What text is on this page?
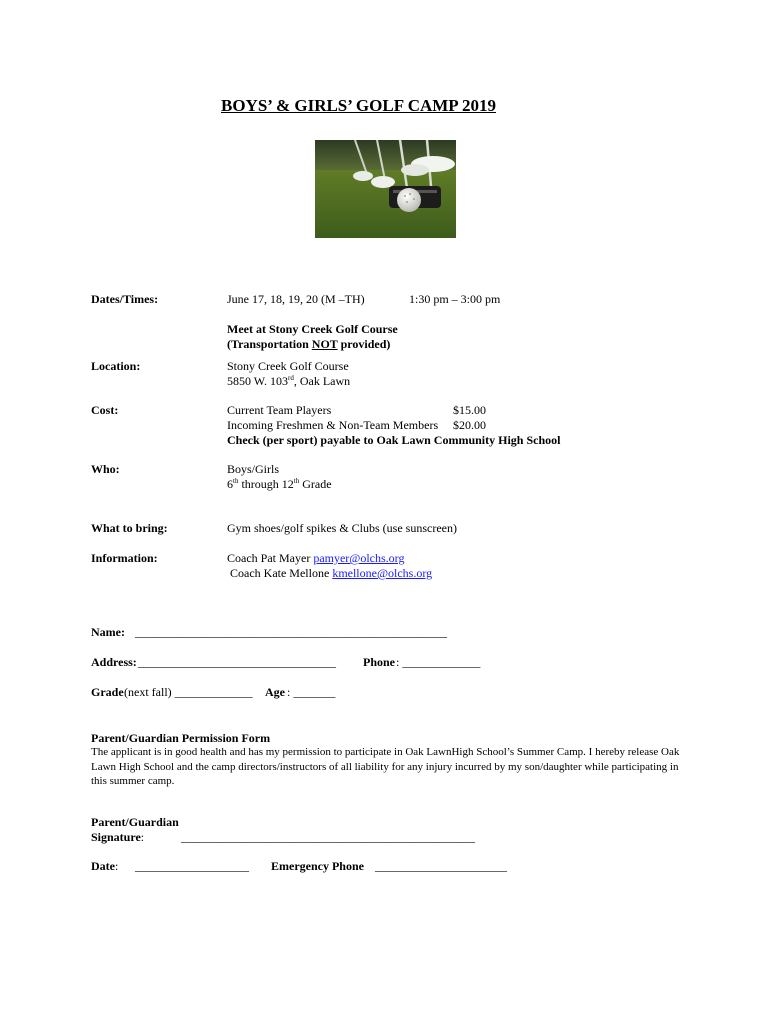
BOYS’ & GIRLS’ GOLF CAMP 2019
Dates/Times:	June 17, 18, 19, 20 (M –TH)	1:30 pm – 3:00 pm
Meet at Stony Creek Golf Course
(Transportation NOT provided)
Location:	Stony Creek Golf Course
5850 W. 103rd, Oak Lawn
Cost:	Current Team Players	$15.00
Incoming Freshmen & Non-Team Members $20.00
Check (per sport) payable to Oak Lawn Community High School
Who:	Boys/Girls
6th through 12th Grade
What to bring:	Gym shoes/golf spikes & Clubs (use sunscreen)
Information:	Coach Pat Mayer pamyer@olchs.org
Coach Kate Mellone kmellone@olchs.org
Name: ____________________________________________________
Address: _________________________________ Phone : _____________
Grade (next fall) _____________ Age : _______
Parent/Guardian Permission Form
The applicant is in good health and has my permission to participate in Oak LawnHigh School’s Summer Camp. I hereby release Oak Lawn High School and the camp directors/instructors of all liability for any injury incurred by my son/daughter while participating in this summer camp.
Parent/Guardian
Signature:	_________________________________________________
Date: ___________________ Emergency Phone ______________________
